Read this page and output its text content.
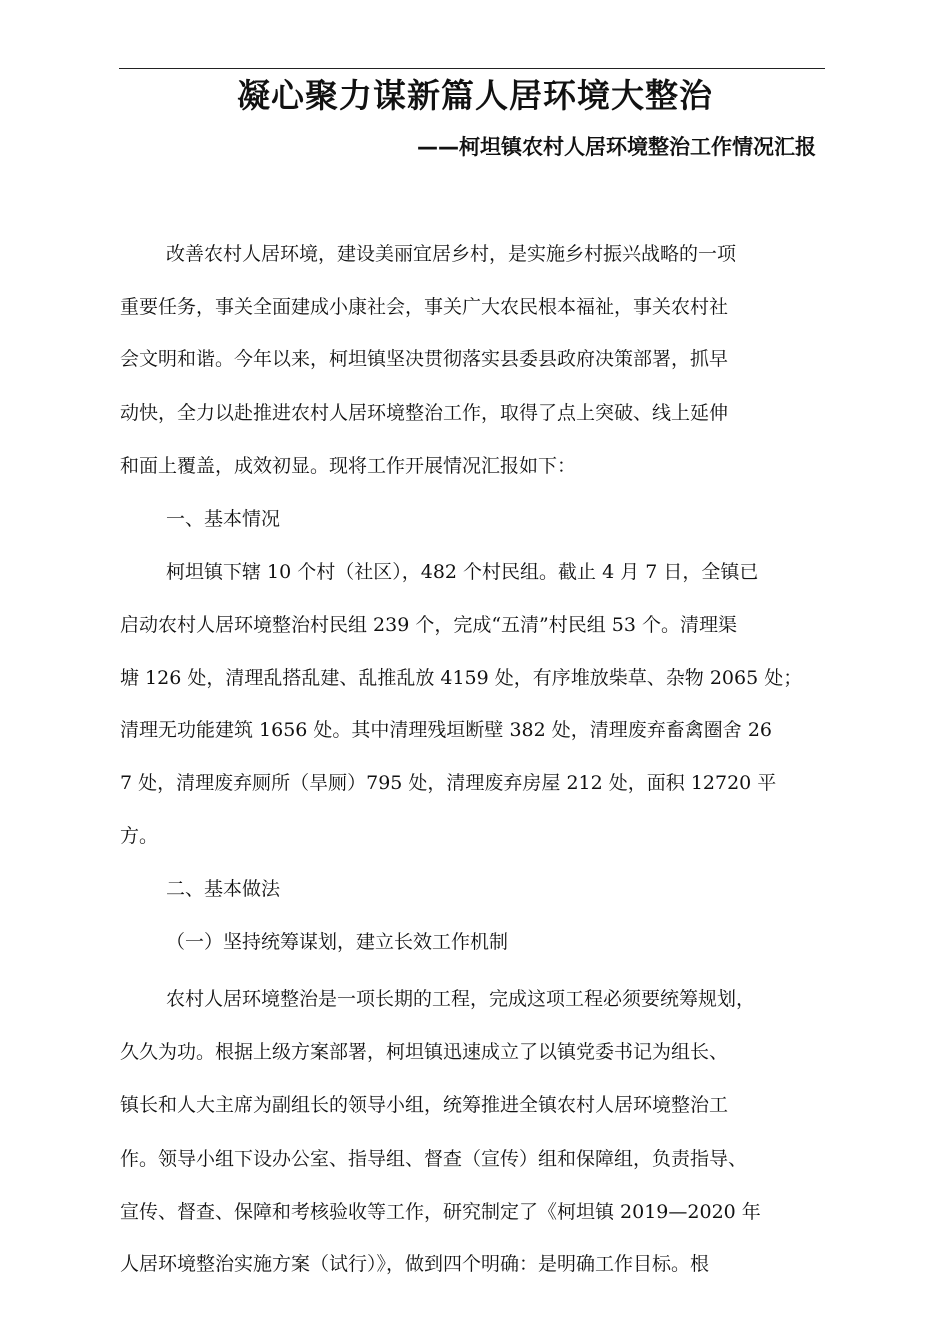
凝心聚力谋新篇人居环境大整治
——柯坦镇农村人居环境整治工作情况汇报
改善农村人居环境，建设美丽宜居乡村，是实施乡村振兴战略的一项
重要任务，事关全面建成小康社会，事关广大农民根本福祉，事关农村社
会文明和谐。今年以来，柯坦镇坚决贯彻落实县委县政府决策部署，抓早
动快，全力以赴推进农村人居环境整治工作，取得了点上突破、线上延伸
和面上覆盖，成效初显。现将工作开展情况汇报如下：
一、基本情况
柯坦镇下辖 10 个村（社区），482 个村民组。截止 4 月 7 日，全镇已
启动农村人居环境整治村民组 239 个，完成“五清”村民组 53 个。清理渠
塘 126 处，清理乱搭乱建、乱推乱放 4159 处，有序堆放柴草、杂物 2065 处；
清理无功能建筑 1656 处。其中清理残垣断壁 382 处，清理废弃畜禽圈舍 26
7 处，清理废弃厕所（旱厕）795 处，清理废弃房屋 212 处，面积 12720 平
方。
二、基本做法
（一）坚持统筹谋划，建立长效工作机制
农村人居环境整治是一项长期的工程，完成这项工程必须要统筹规划，
久久为功。根据上级方案部署，柯坦镇迅速成立了以镇党委书记为组长、
镇长和人大主席为副组长的领导小组，统筹推进全镇农村人居环境整治工
作。领导小组下设办公室、指导组、督查（宣传）组和保障组，负责指导、
宣传、督查、保障和考核验收等工作，研究制定了《柯坦镇 2019—2020 年
人居环境整治实施方案（试行）》，做到四个明确：是明确工作目标。根
